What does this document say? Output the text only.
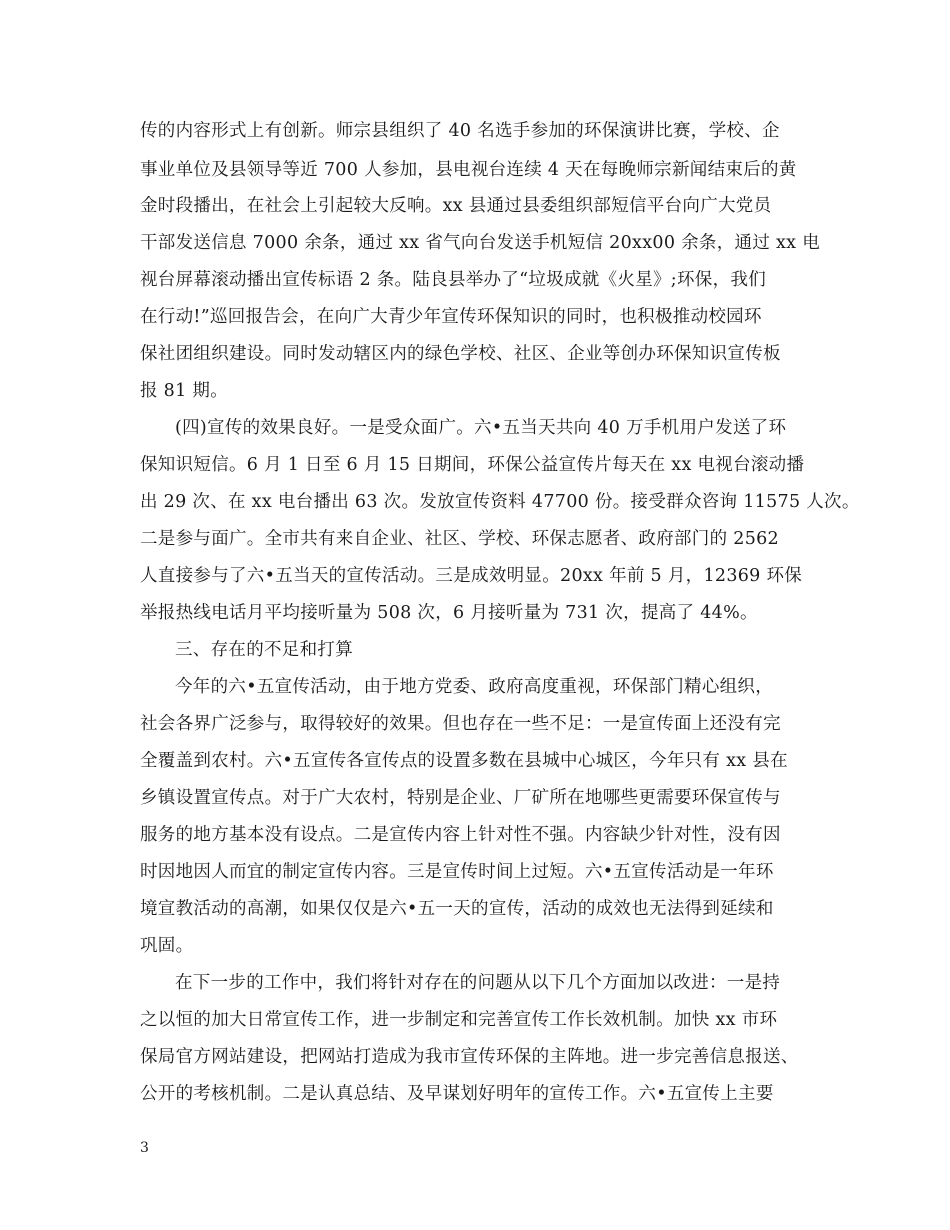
传的内容形式上有创新。师宗县组织了 40 名选手参加的环保演讲比赛，学校、企
事业单位及县领导等近 700 人参加，县电视台连续 4 天在每晚师宗新闻结束后的黄
金时段播出，在社会上引起较大反响。xx 县通过县委组织部短信平台向广大党员
干部发送信息 7000 余条，通过 xx 省气向台发送手机短信 20xx00 余条，通过 xx 电
视台屏幕滚动播出宣传标语 2 条。陆良县举办了“垃圾成就《火星》;环保，我们
在行动!”巡回报告会，在向广大青少年宣传环保知识的同时，也积极推动校园环
保社团组织建设。同时发动辖区内的绿色学校、社区、企业等创办环保知识宣传板
报 81 期。
(四)宣传的效果良好。一是受众面广。六•五当天共向 40 万手机用户发送了环
保知识短信。6 月 1 日至 6 月 15 日期间，环保公益宣传片每天在 xx 电视台滚动播
出 29 次、在 xx 电台播出 63 次。发放宣传资料 47700 份。接受群众咨询 11575 人次。
二是参与面广。全市共有来自企业、社区、学校、环保志愿者、政府部门的 2562
人直接参与了六•五当天的宣传活动。三是成效明显。20xx 年前 5 月，12369 环保
举报热线电话月平均接听量为 508 次，6 月接听量为 731 次，提高了 44%。
三、存在的不足和打算
今年的六•五宣传活动，由于地方党委、政府高度重视，环保部门精心组织，
社会各界广泛参与，取得较好的效果。但也存在一些不足：一是宣传面上还没有完
全覆盖到农村。六•五宣传各宣传点的设置多数在县城中心城区，今年只有 xx 县在
乡镇设置宣传点。对于广大农村，特别是企业、厂矿所在地哪些更需要环保宣传与
服务的地方基本没有设点。二是宣传内容上针对性不强。内容缺少针对性，没有因
时因地因人而宜的制定宣传内容。三是宣传时间上过短。六•五宣传活动是一年环
境宣教活动的高潮，如果仅仅是六•五一天的宣传，活动的成效也无法得到延续和
巩固。
在下一步的工作中，我们将针对存在的问题从以下几个方面加以改进：一是持
之以恒的加大日常宣传工作，进一步制定和完善宣传工作长效机制。加快 xx 市环
保局官方网站建设，把网站打造成为我市宣传环保的主阵地。进一步完善信息报送、
公开的考核机制。二是认真总结、及早谋划好明年的宣传工作。六•五宣传上主要
3
